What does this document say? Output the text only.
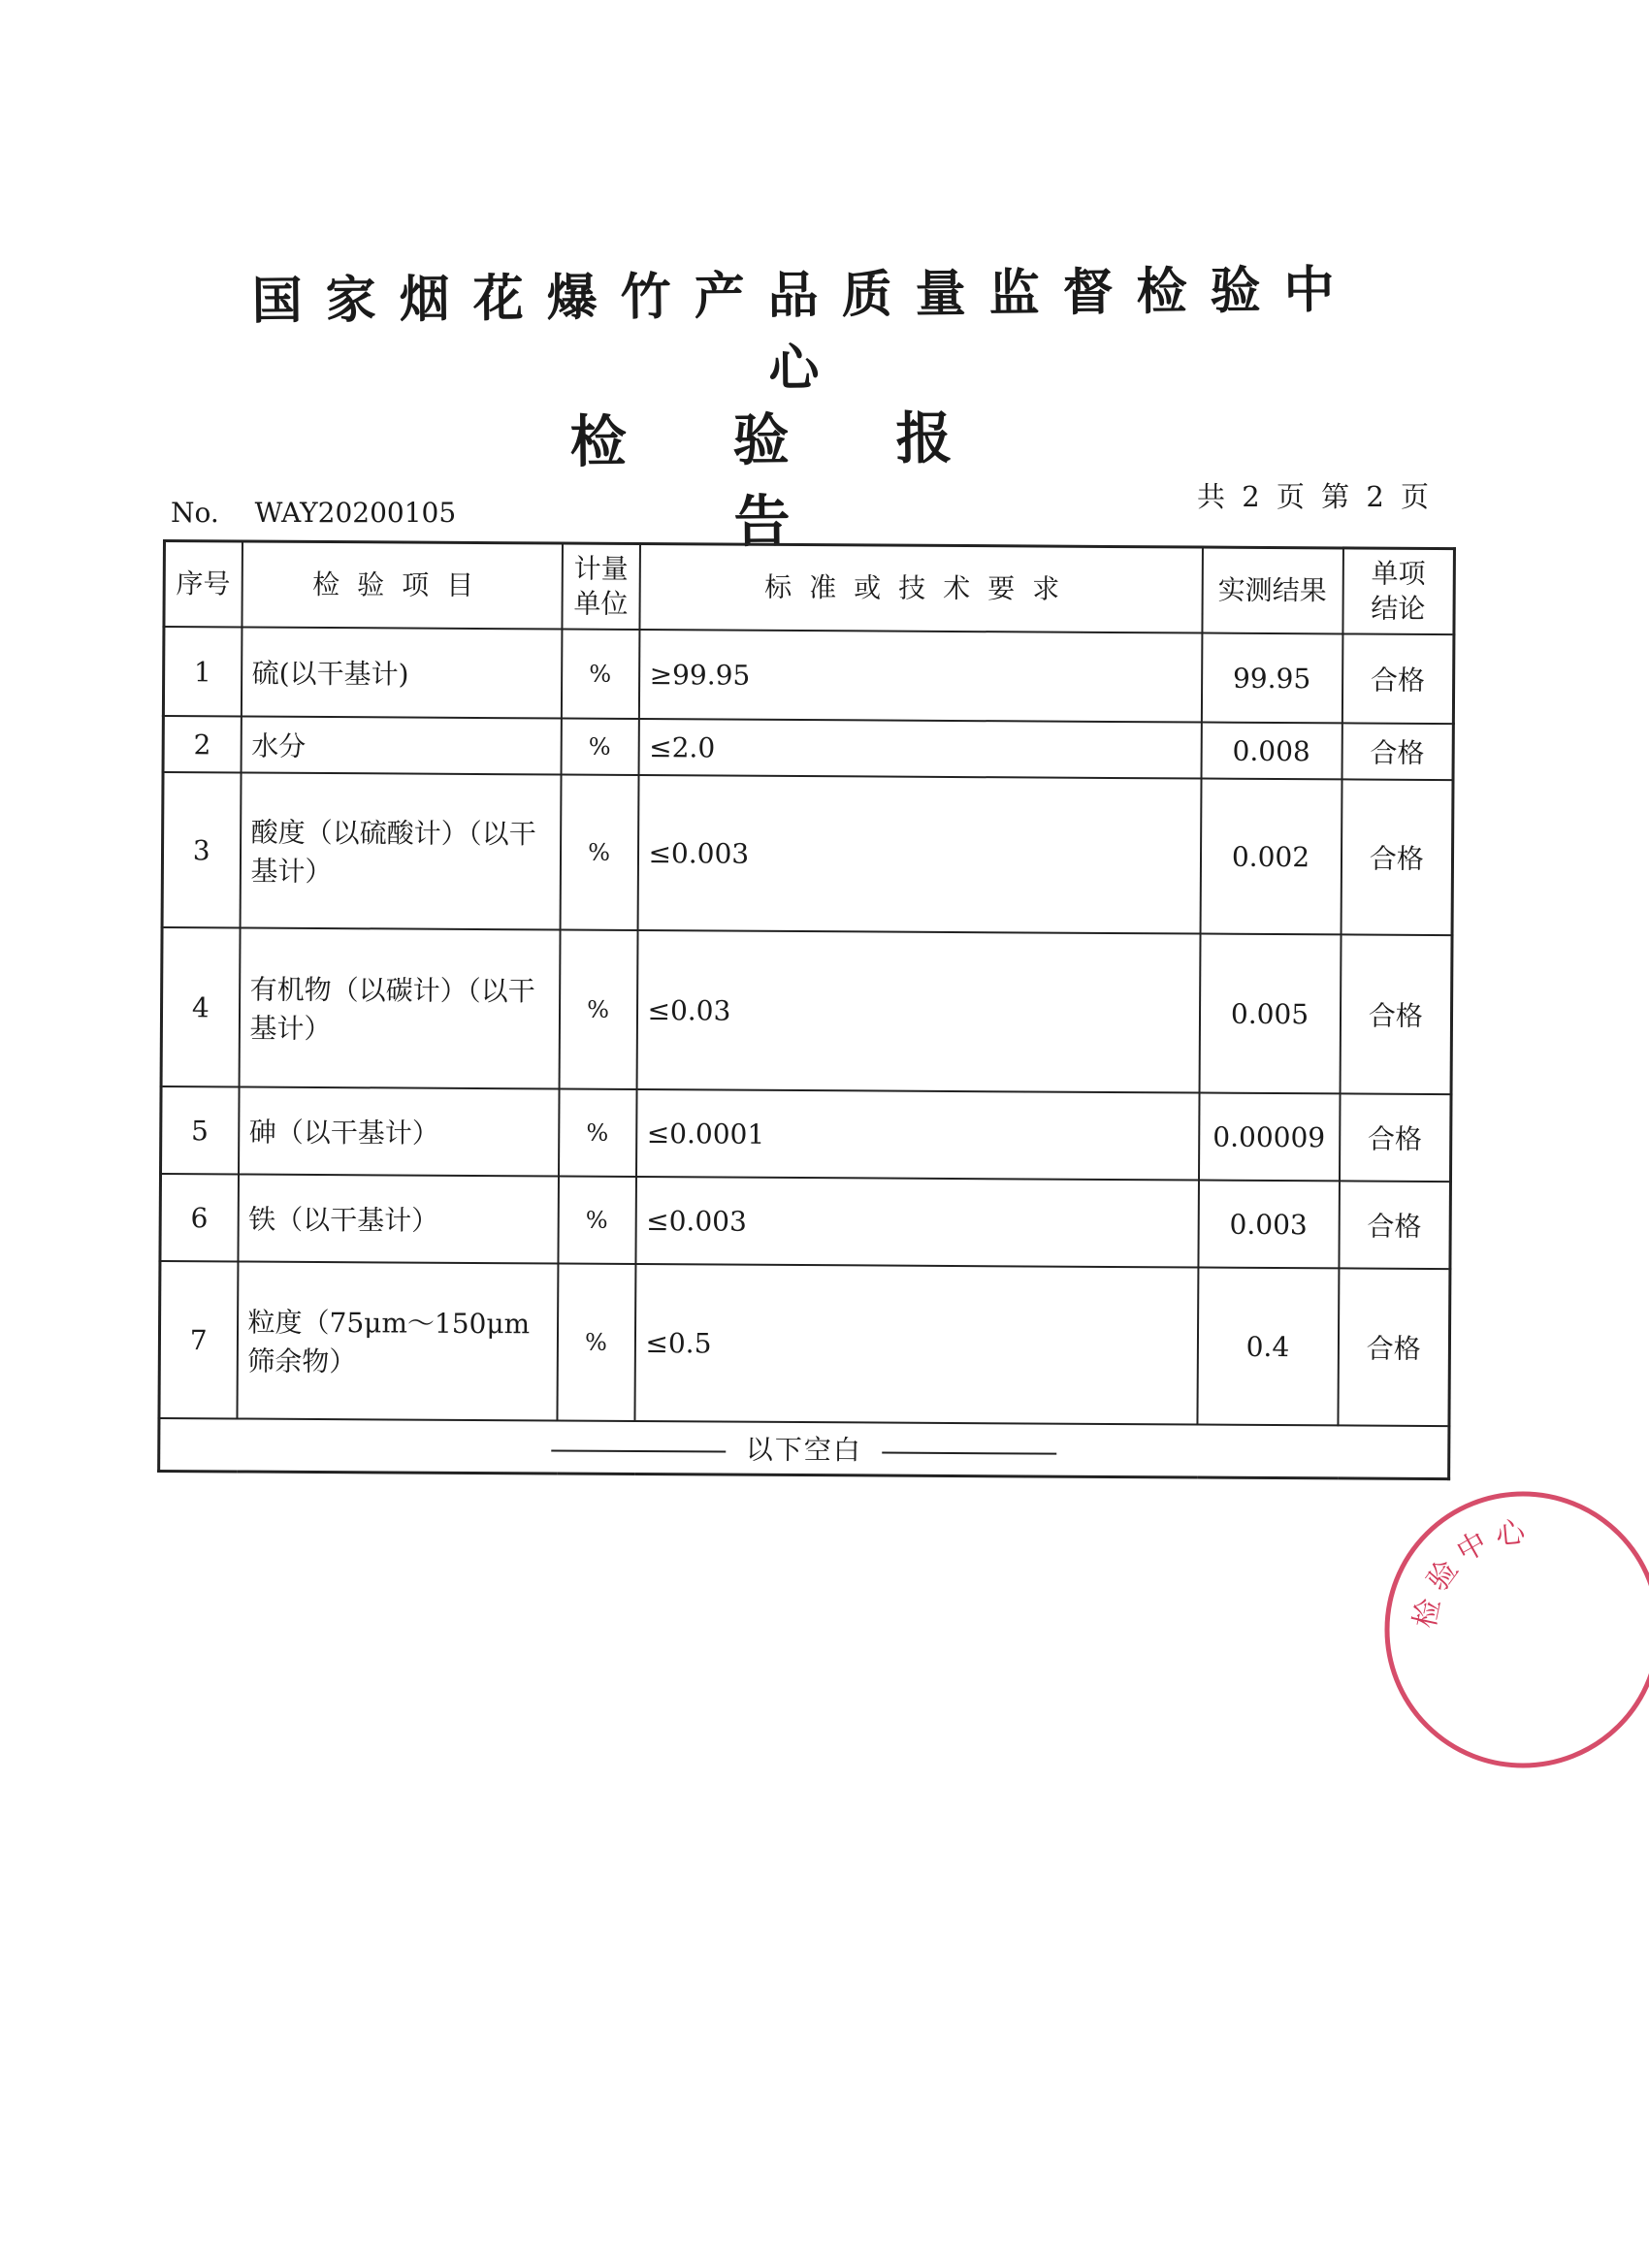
国家烟花爆竹产品质量监督检验中心
检验报告
No. WAY20200105	共 2 页 第 2 页
序号	检验项目	计量单位	标准或技术要求	实测结果	单项结论
1	硫(以干基计)	%	≥99.95	99.95	合格
2	水分	%	≤2.0	0.008	合格
3	酸度（以硫酸计）（以干基计）	%	≤0.003	0.002	合格
4	有机物（以碳计）（以干基计）	%	≤0.03	0.005	合格
5	砷（以干基计）	%	≤0.0001	0.00009	合格
6	铁（以干基计）	%	≤0.003	0.003	合格
7	粒度（75μm～150μm筛余物）	%	≤0.5	0.4	合格
以下空白					
检验中心
